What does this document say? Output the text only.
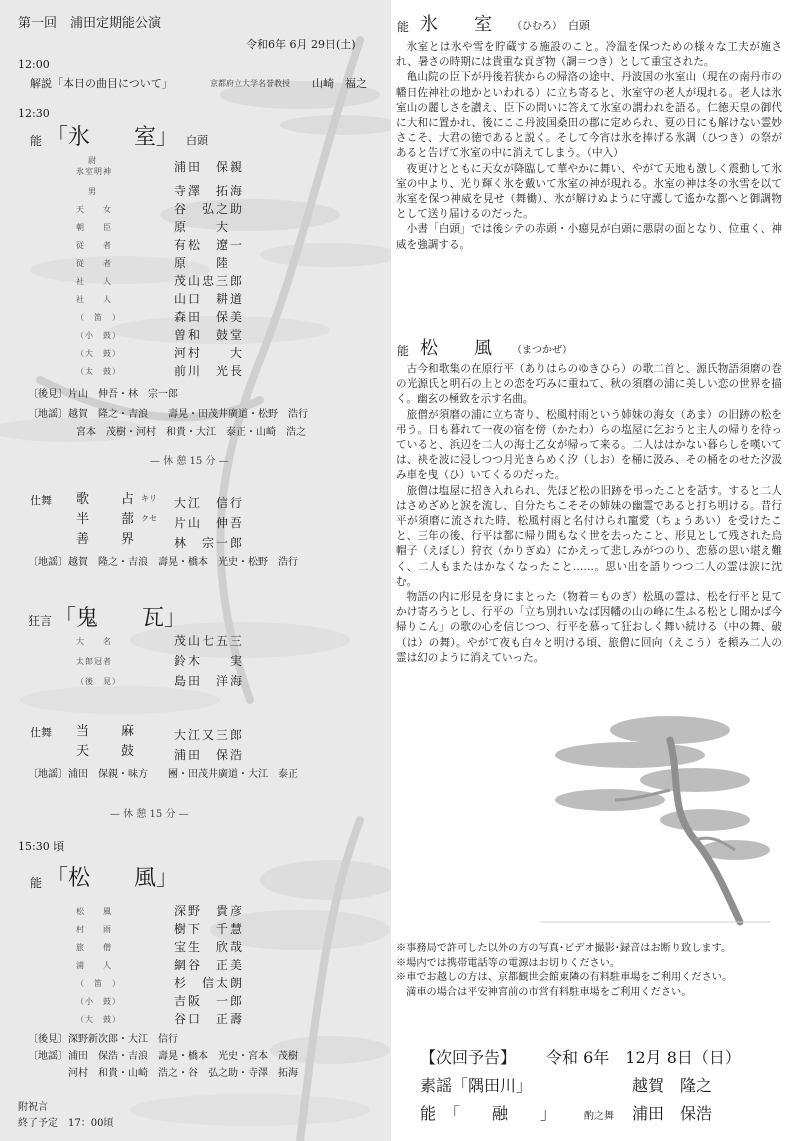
第一回　浦田定期能公演
令和6年 6月 29日(土)
12:00
解説「本日の曲目について」	京都府立大学名誉教授 山崎　福之
12:30
能 「氷　　室」 白頭
尉
氷室明神	浦田　保親
男	寺澤　拓海
天　　女	谷　弘之助
朝　　臣	原　　大
従　　者	有松　遼一
従　　者	原　　陸
社　　人	茂山忠三郎
社　　人	山口　耕道
（　笛　）	森田　保美
（小　鼓）	曽和　鼓堂
（大　鼓）	河村　　大
（太　鼓）	前川　光長
〔後見〕片山　伸吾・林　宗一郎
〔地謡〕越賀　隆之・吉浪　　壽晃・田茂井廣道・松野　浩行
宮本　茂樹・河村　和貴・大江　泰正・山崎　浩之
— 休 憩 15 分 —
仕舞 歌　　占 キリ 大江　信行
半　　蔀 クセ 片山　伸吾
善　　界	林　宗一郎
〔地謡〕越賀　隆之・吉浪　壽晃・橋本　光史・松野　浩行
狂言 「鬼　　瓦」
大　　名	茂山七五三
太郎冠者	鈴木　　実
（後　見）	島田　洋海
仕舞 当　　麻	大江又三郎
天　　鼓	浦田　保浩
〔地謡〕浦田　保親・味方　　團・田茂井廣道・大江　泰正
— 休 憩 15 分 —
15:30 頃
能 「松　　風」
松　　風	深野　貴彦
村　　雨	樹下　千慧
旅　　僧	宝生　欣哉
浦　　人	網谷　正美
（　笛　）	杉　信太朗
（小　鼓）	吉阪　一郎
（大　鼓）	谷口　正壽
〔後見〕深野新次郎・大江　信行
〔地謡〕浦田　保浩・吉浪　壽晃・橋本　光史・宮本　茂樹
河村　和貴・山崎　浩之・谷　弘之助・寺澤　拓海
附祝言
終了予定　17：00頃
能 氷　　室 （ひむろ） 白頭

氷室とは氷や雪を貯蔵する施設のこと。冷温を保つための様々な工夫が施され、暑さの時期には貴重な貢ぎ物（調＝つき）として重宝された。

亀山院の臣下が丹後若狭からの帰洛の途中、丹波国の氷室山（現在の南丹市の幡日佐神社の地かといわれる）に立ち寄ると、氷室守の老人が現れる。老人は氷室山の麗しさを讃え、臣下の問いに答えて氷室の謂われを語る。仁徳天皇の御代に大和に置かれ、後にここ丹波国桑田の郡に定められ、夏の日にも解けない霊妙さこそ、大君の徳であると説く。そして今宵は氷を捧げる氷調（ひつき）の祭があると告げて氷室の中に消えてしまう。（中入）

夜更けとともに天女が降臨して華やかに舞い、やがて天地も激しく震動して氷室の中より、光り輝く氷を戴いて氷室の神が現れる。氷室の神は冬の氷雪を以て氷室を保つ神威を見せ（舞働）、氷が解けぬように守護して遙かな都へと御調物として送り届けるのだった。

小書「白頭」では後シテの赤頭・小癋見が白頭に悪尉の面となり、位重く、神威を強調する。

能 松　　風 （まつかぜ）

古今和歌集の在原行平（ありはらのゆきひら）の歌二首と、源氏物語須磨の巻の光源氏と明石の上との恋を巧みに重ねて、秋の須磨の浦に美しい恋の世界を描く。幽玄の極致を示す名曲。

旅僧が須磨の浦に立ち寄り、松風村雨という姉妹の海女（あま）の旧跡の松を弔う。日も暮れて一夜の宿を傍（かたわ）らの塩屋に乞おうと主人の帰りを待っていると、浜辺を二人の海士乙女が帰って来る。二人ははかない暮らしを嘆いては、袂を波に浸しつつ月光きらめく汐（しお）を桶に汲み、その桶をのせた汐汲み車を曳（ひ）いてくるのだった。

旅僧は塩屋に招き入れられ、先ほど松の旧跡を弔ったことを話す。すると二人はさめざめと涙を流し、自分たちこそその姉妹の幽霊であると打ち明ける。昔行平が須磨に流された時、松風村雨と名付けられ寵愛（ちょうあい）を受けたこと、三年の後、行平は都に帰り間もなく世を去ったこと、形見として残された烏帽子（えぼし）狩衣（かりぎぬ）にかえって悲しみがつのり、恋慕の思い堪え難く、二人もまたはかなくなったこと……。思い出を語りつつ二人の霊は涙に沈む。

物語の内に形見を身にまとった（物着＝ものぎ）松風の霊は、松を行平と見てかけ寄ろうとし、行平の「立ち別れいなば因幡の山の峰に生ふる松とし聞かば今帰りこん」の歌の心を信じつつ、行平を慕って狂おしく舞い続ける（中の舞、破（は）の舞）。やがて夜も白々と明ける頃、旅僧に回向（えこう）を頼み二人の霊は幻のように消えていった。

※事務局で許可した以外の方の写真･ビデオ撮影･録音はお断り致します。
※場内では携帯電話等の電源はお切りください。
※車でお越しの方は、京都観世会館東隣の有料駐車場をご利用ください。
　満車の場合は平安神宮前の市営有料駐車場をご利用ください。
【次回予告】 令和 6年　12月 8日（日）
素謡「隅田川」	越賀　隆之
能　「　　融　　」	酌之舞 浦田　保浩
